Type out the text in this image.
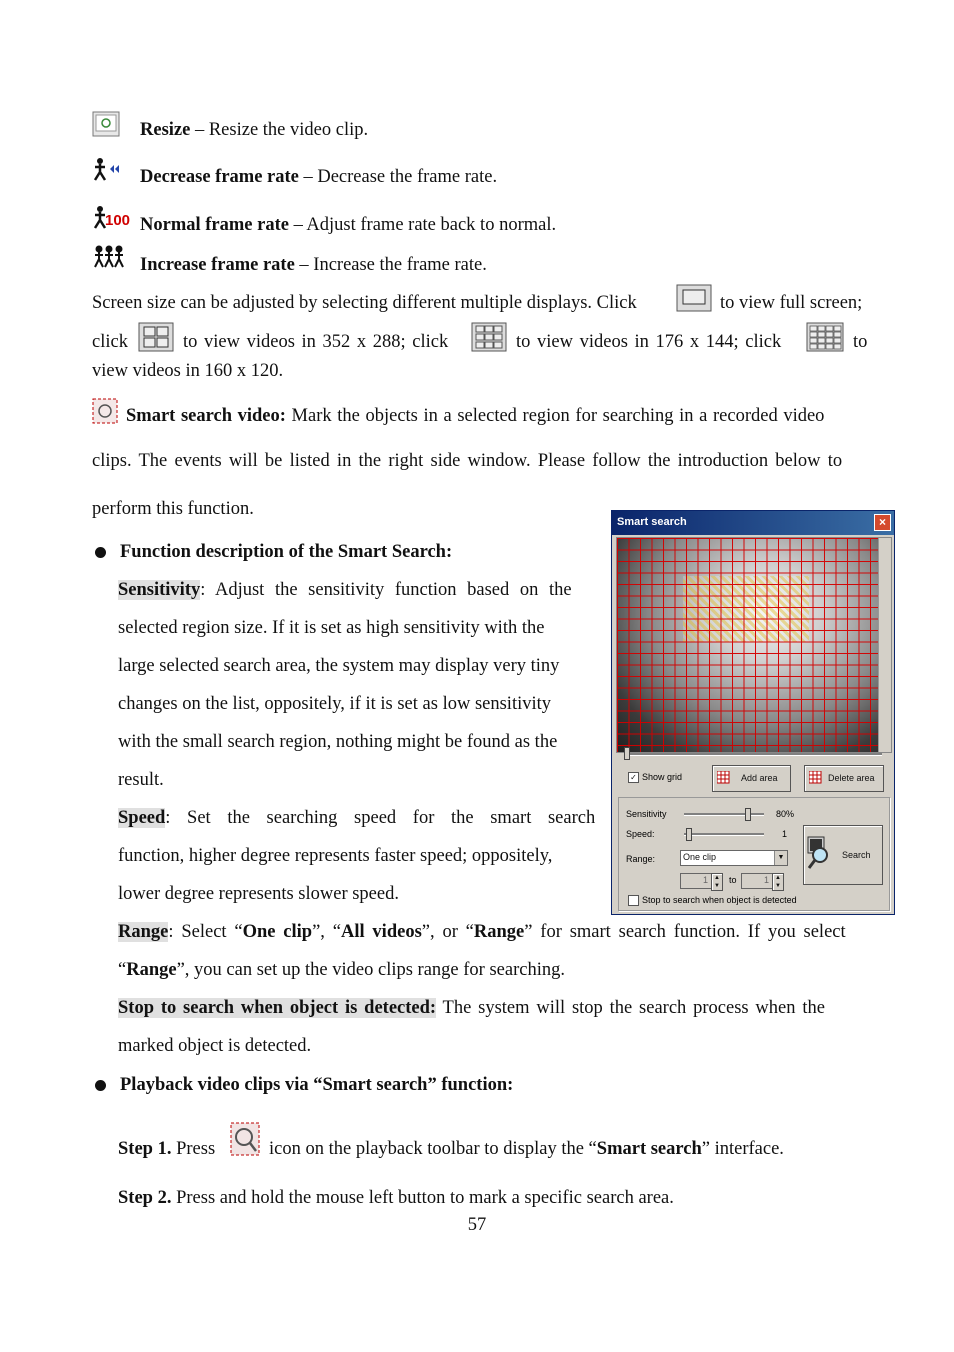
Resize – Resize the video clip.
Decrease frame rate – Decrease the frame rate.
100 Normal frame rate – Adjust frame rate back to normal.
Increase frame rate – Increase the frame rate.
Screen size can be adjusted by selecting different multiple displays. Click	to view full screen;
click	to view videos in 352 x 288; click	to view videos in 176 x 144; click	to
view videos in 160 x 120.
Smart search video: Mark the objects in a selected region for searching in a recorded video
clips. The events will be listed in the right side window. Please follow the introduction below to
perform this function.
Function description of the Smart Search:
Sensitivity: Adjust the sensitivity function based on the
selected region size. If it is set as high sensitivity with the
large selected search area, the system may display very tiny
changes on the list, oppositely, if it is set as low sensitivity
with the small search region, nothing might be found as the
result.
Speed: Set the searching speed for the smart search
function, higher degree represents faster speed; oppositely,
lower degree represents slower speed.
Range: Select “One clip”, “All videos”, or “Range” for smart search function. If you select
“Range”, you can set up the video clips range for searching.
Stop to search when object is detected: The system will stop the search process when the
marked object is detected.
Playback video clips via “Smart search” function:
Step 1. Press	icon on the playback toolbar to display the “Smart search” interface.
Step 2. Press and hold the mouse left button to mark a specific search area.
57
Smart search	×
✓ Show grid	Add area	Delete area
Sensitivity	80%
Speed:	1
Range:	One clip	▼
1	▲
▼
to	1	▲
▼
Search
Stop to search when object is detected
